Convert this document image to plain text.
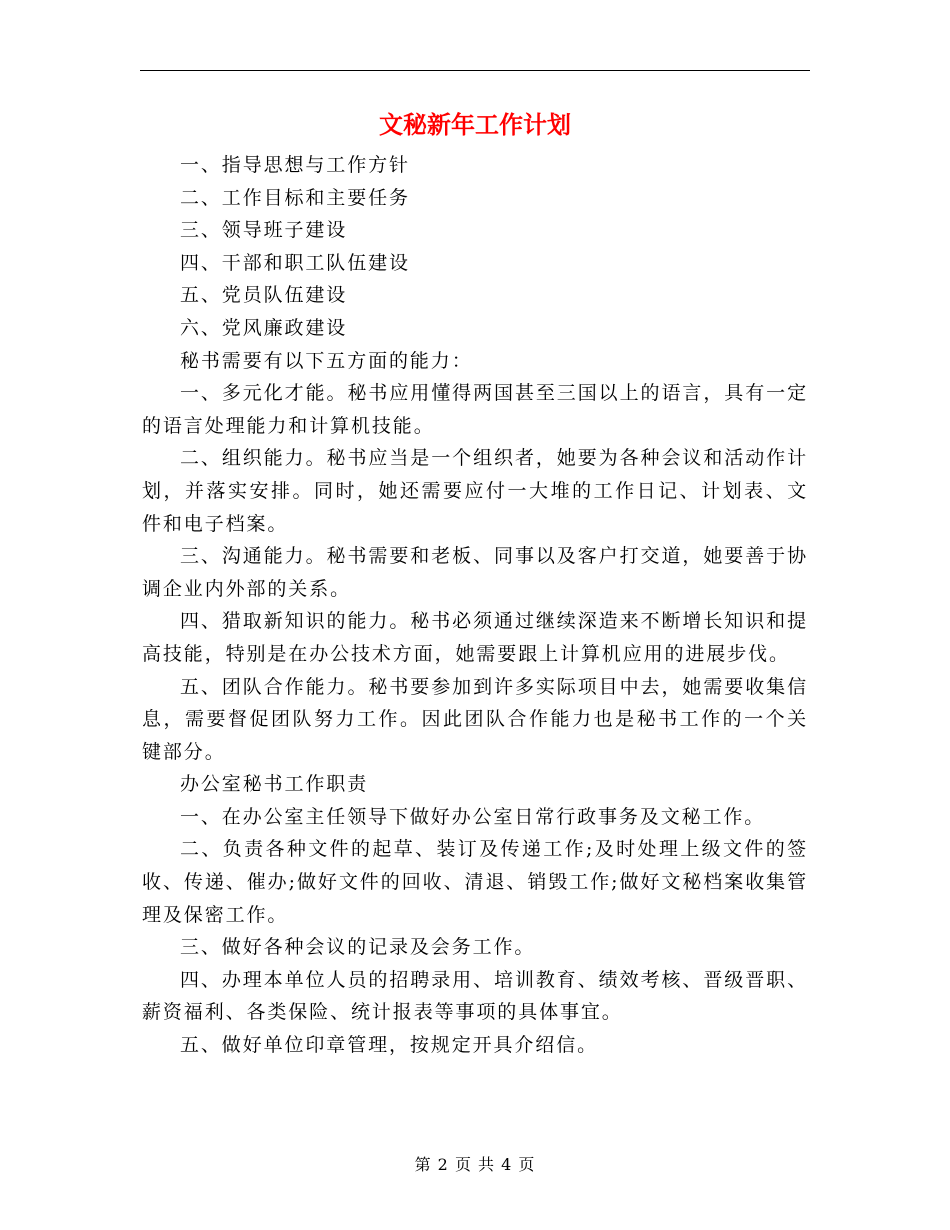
文秘新年工作计划

一、指导思想与工作方针

二、工作目标和主要任务

三、领导班子建设

四、干部和职工队伍建设

五、党员队伍建设

六、党风廉政建设

秘书需要有以下五方面的能力：

一、多元化才能。秘书应用懂得两国甚至三国以上的语言，具有一定的语言处理能力和计算机技能。

二、组织能力。秘书应当是一个组织者，她要为各种会议和活动作计划，并落实安排。同时，她还需要应付一大堆的工作日记、计划表、文件和电子档案。

三、沟通能力。秘书需要和老板、同事以及客户打交道，她要善于协调企业内外部的关系。

四、猎取新知识的能力。秘书必须通过继续深造来不断增长知识和提高技能，特别是在办公技术方面，她需要跟上计算机应用的进展步伐。

五、团队合作能力。秘书要参加到许多实际项目中去，她需要收集信息，需要督促团队努力工作。因此团队合作能力也是秘书工作的一个关键部分。

办公室秘书工作职责

一、在办公室主任领导下做好办公室日常行政事务及文秘工作。

二、负责各种文件的起草、装订及传递工作;及时处理上级文件的签收、传递、催办;做好文件的回收、清退、销毁工作;做好文秘档案收集管理及保密工作。

三、做好各种会议的记录及会务工作。

四、办理本单位人员的招聘录用、培训教育、绩效考核、晋级晋职、薪资福利、各类保险、统计报表等事项的具体事宜。

五、做好单位印章管理，按规定开具介绍信。

第 2 页 共 4 页
